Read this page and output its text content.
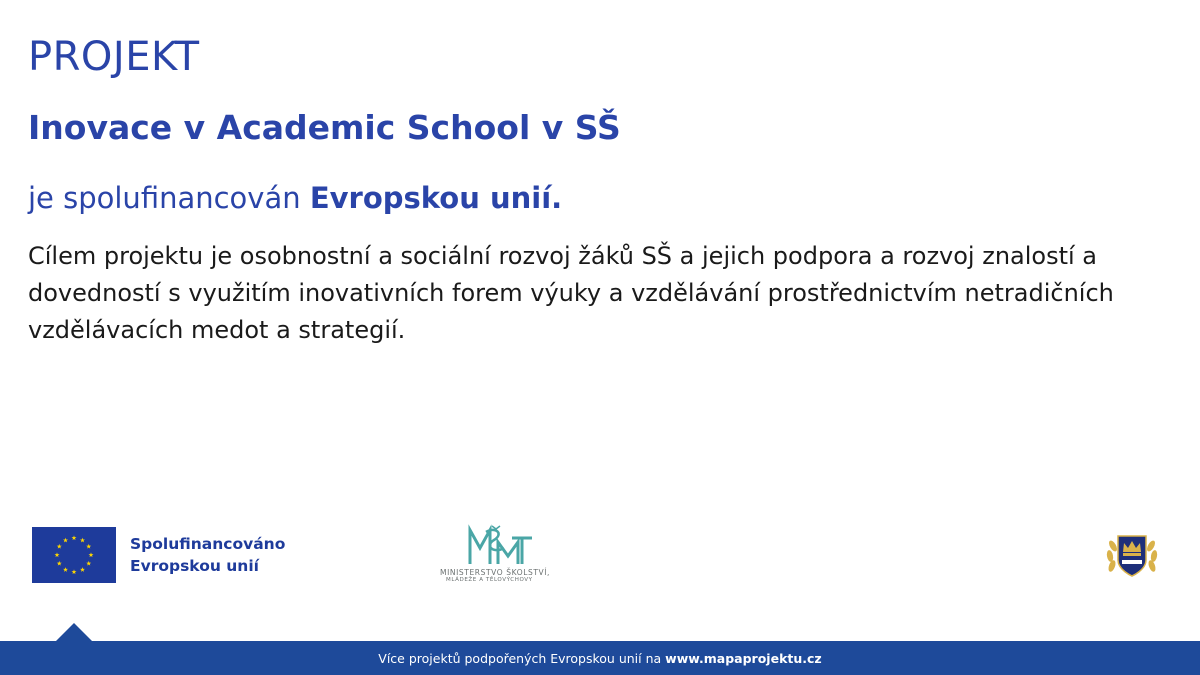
PROJEKT
Inovace v Academic School v SŠ

je spolufinancován Evropskou unií.

Cílem projektu je osobnostní a sociální rozvoj žáků SŠ a jejich podpora a rozvoj znalostí a dovedností s využitím inovativních forem výuky a vzdělávání prostřednictvím netradičních vzdělávacích medot a strategií.

Spolufinancováno
Evropskou unií	MINISTERSTVO ŠKOLSTVÍ,
MLÁDEŽE A TĚLOVÝCHOVY
Více projektů podpořených Evropskou unií na www.mapaprojektu.cz
